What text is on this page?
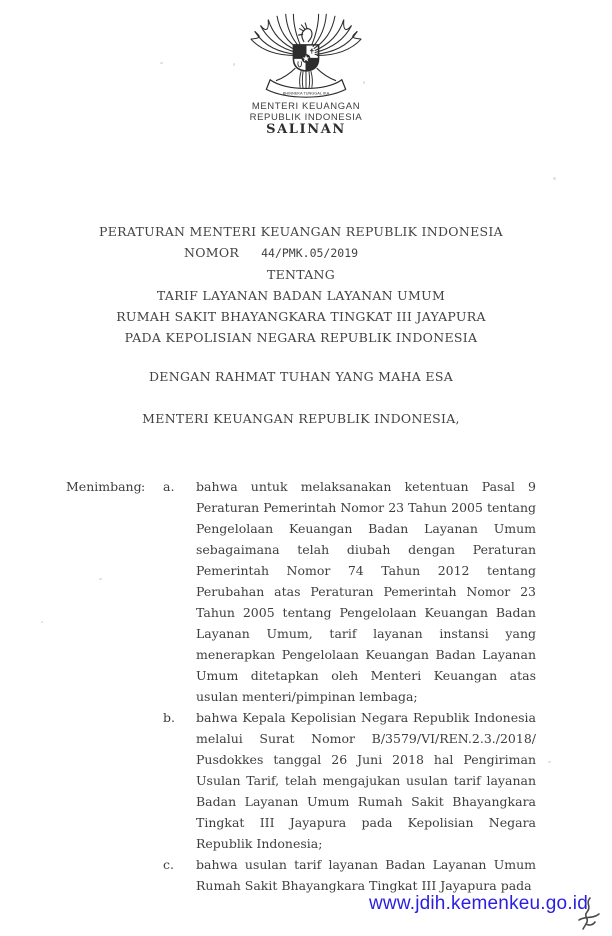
BHINNEKA TUNGGAL IKA
MENTERI KEUANGAN
REPUBLIK INDONESIA
SALINAN
PERATURAN MENTERI KEUANGAN REPUBLIK INDONESIA
NOMOR 44/PMK.05/2019
TENTANG
TARIF LAYANAN BADAN LAYANAN UMUM
RUMAH SAKIT BHAYANGKARA TINGKAT III JAYAPURA
PADA KEPOLISIAN NEGARA REPUBLIK INDONESIA
DENGAN RAHMAT TUHAN YANG MAHA ESA
MENTERI KEUANGAN REPUBLIK INDONESIA,
Menimbang :	a.	bahwa untuk melaksanakan ketentuan Pasal 9 Peraturan Pemerintah Nomor 23 Tahun 2005 tentang Pengelolaan Keuangan Badan Layanan Umum sebagaimana telah diubah dengan Peraturan Pemerintah Nomor 74 Tahun 2012 tentang Perubahan atas Peraturan Pemerintah Nomor 23 Tahun 2005 tentang Pengelolaan Keuangan Badan Layanan Umum, tarif layanan instansi yang menerapkan Pengelolaan Keuangan Badan Layanan Umum ditetapkan oleh Menteri Keuangan atas usulan menteri/pimpinan lembaga;
b.	bahwa Kepala Kepolisian Negara Republik Indonesia melalui Surat Nomor B/3579/VI/REN.2.3./2018/ Pusdokkes tanggal 26 Juni 2018 hal Pengiriman Usulan Tarif, telah mengajukan usulan tarif layanan Badan Layanan Umum Rumah Sakit Bhayangkara Tingkat III Jayapura pada Kepolisian Negara Republik Indonesia;
c.	bahwa usulan tarif layanan Badan Layanan Umum Rumah Sakit Bhayangkara Tingkat III Jayapura pada
www.jdih.kemenkeu.go.id
